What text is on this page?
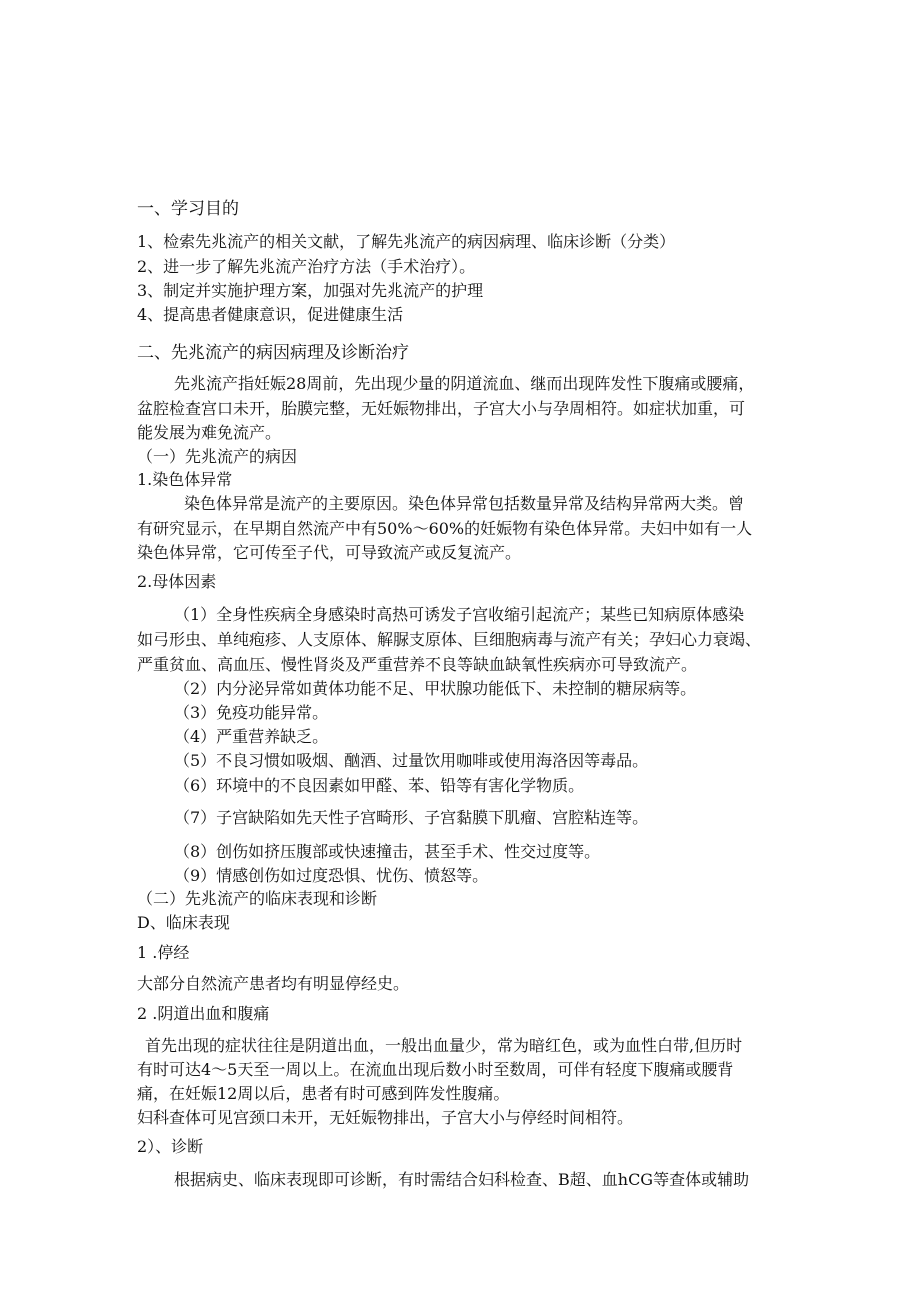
一、学习目的
1、检索先兆流产的相关文献，了解先兆流产的病因病理、临床诊断（分类）
2、进一步了解先兆流产治疗方法（手术治疗）。
3、制定并实施护理方案，加强对先兆流产的护理
4、提高患者健康意识，促进健康生活
二、先兆流产的病因病理及诊断治疗
先兆流产指妊娠28周前，先出现少量的阴道流血、继而出现阵发性下腹痛或腰痛，
盆腔检查宫口未开，胎膜完整，无妊娠物排出，子宫大小与孕周相符。如症状加重，可
能发展为难免流产。
（一）先兆流产的病因
1.染色体异常
染色体异常是流产的主要原因。染色体异常包括数量异常及结构异常两大类。曾
有研究显示，在早期自然流产中有50%～60%的妊娠物有染色体异常。夫妇中如有一人
染色体异常，它可传至子代，可导致流产或反复流产。
2.母体因素
（1）全身性疾病全身感染时高热可诱发子宫收缩引起流产；某些已知病原体感染
如弓形虫、单纯疱疹、人支原体、解脲支原体、巨细胞病毒与流产有关；孕妇心力衰竭、
严重贫血、高血压、慢性肾炎及严重营养不良等缺血缺氧性疾病亦可导致流产。
（2）内分泌异常如黄体功能不足、甲状腺功能低下、未控制的糖尿病等。
（3）免疫功能异常。
（4）严重营养缺乏。
（5）不良习惯如吸烟、酗酒、过量饮用咖啡或使用海洛因等毒品。
（6）环境中的不良因素如甲醛、苯、铅等有害化学物质。
（7）子宫缺陷如先天性子宫畸形、子宫黏膜下肌瘤、宫腔粘连等。
（8）创伤如挤压腹部或快速撞击，甚至手术、性交过度等。
（9）情感创伤如过度恐惧、忧伤、愤怒等。
（二）先兆流产的临床表现和诊断
D、临床表现
1 .停经
大部分自然流产患者均有明显停经史。
2 .阴道出血和腹痛
首先出现的症状往往是阴道出血，一般出血量少，常为暗红色，或为血性白带,但历时
有时可达4～5天至一周以上。在流血出现后数小时至数周，可伴有轻度下腹痛或腰背
痛，在妊娠12周以后，患者有时可感到阵发性腹痛。
妇科查体可见宫颈口未开，无妊娠物排出，子宫大小与停经时间相符。
2）、诊断
根据病史、临床表现即可诊断，有时需结合妇科检查、B超、血hCG等查体或辅助
